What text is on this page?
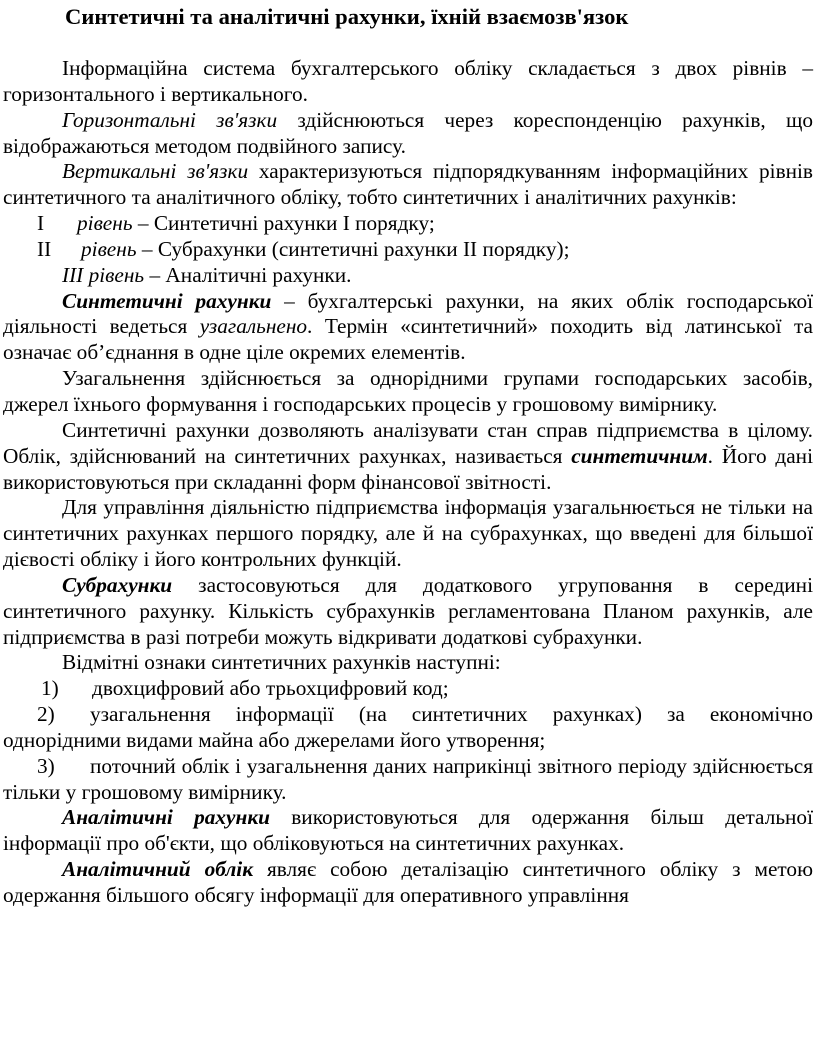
Синтетичні та аналітичні рахунки, їхній взаємозв'язок

Інформаційна система бухгалтерського обліку складається з двох рівнів – горизонтального і вертикального.

Горизонтальні зв'язки здійснюються через кореспонденцію рахунків, що відображаються методом подвійного запису.

Вертикальні зв'язки характеризуються підпорядкуванням інформаційних рівнів синтетичного та аналітичного обліку, тобто синтетичних і аналітичних рахунків:

І рівень – Синтетичні рахунки І порядку;

ІІ рівень – Субрахунки (синтетичні рахунки ІІ порядку);

ІІІ рівень – Аналітичні рахунки.

Синтетичні рахунки – бухгалтерські рахунки, на яких облік господарської діяльності ведеться узагальнено. Термін «синтетичний» походить від латинської та означає об’єднання в одне ціле окремих елементів.

Узагальнення здійснюється за однорідними групами господарських засобів, джерел їхнього формування і господарських процесів у грошовому вимірнику.

Синтетичні рахунки дозволяють аналізувати стан справ підприємства в цілому. Облік, здійснюваний на синтетичних рахунках, називається синтетичним. Його дані використовуються при складанні форм фінансової звітності.

Для управління діяльністю підприємства інформація узагальнюється не тільки на синтетичних рахунках першого порядку, але й на субрахунках, що введені для більшої дієвості обліку і його контрольних функцій.

Субрахунки застосовуються для додаткового угруповання в середині синтетичного рахунку. Кількість субрахунків регламентована Планом рахунків, але підприємства в разі потреби можуть відкривати додаткові субрахунки.

Відмітні ознаки синтетичних рахунків наступні:

1) двохцифровий або трьохцифровий код;

2) узагальнення інформації (на синтетичних рахунках) за економічно однорідними видами майна або джерелами його утворення;

3) поточний облік і узагальнення даних наприкінці звітного періоду здійснюється тільки у грошовому вимірнику.

Аналітичні рахунки використовуються для одержання більш детальної інформації про об'єкти, що обліковуються на синтетичних рахунках.

Аналітичний облік являє собою деталізацію синтетичного обліку з метою одержання більшого обсягу інформації для оперативного управління
